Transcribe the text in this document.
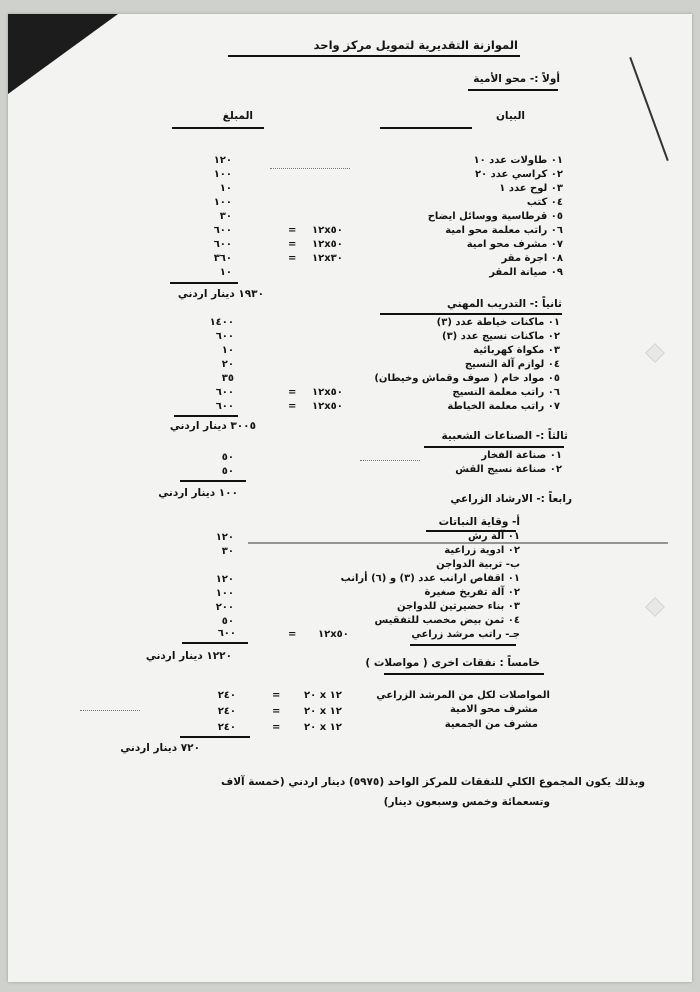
الموازنة التقديرية لتمويل مركز واحد
أولاً :- محو الأمية
البيان
المبلغ
٠١ طاولات عدد ١٠
١٢٠
٠٢ كراسي عدد ٢٠
١٠٠
٠٣ لوح عدد ١
١٠
٠٤ كتب
١٠٠
٠٥ قرطاسية ووسائل ايضاح
٣٠
٠٦ راتب معلمة محو امية
١٢x٥٠
=
٦٠٠
٠٧ مشرف محو امية
١٢x٥٠
=
٦٠٠
٠٨ اجرة مقر
١٢x٣٠
=
٣٦٠
٠٩ صيانة المقر
١٠
١٩٣٠ دينار اردني
ثانياً :- التدريب المهني
٠١ ماكنات خياطة عدد (٣)
١٤٠٠
٠٢ ماكنات نسيج عدد (٣)
٦٠٠
٠٣ مكواة كهربائية
١٠
٠٤ لوازم آلة النسيج
٢٠
٠٥ مواد خام ( صوف وقماش وخيطان)
٣٥
٠٦ راتب معلمة النسيج
١٢x٥٠
=
٦٠٠
٠٧ راتب معلمة الخياطة
١٢x٥٠
=
٦٠٠
٣٠٠٥ دينار اردني
ثالثاً :- الصناعات الشعبية
٠١ صناعة الفخار
٥٠
٠٢ صناعة نسيج القش
٥٠
١٠٠ دينار اردني	رابعاً :- الارشاد الزراعي
أ- وقاية النباتات
٠١ آلة رش
١٢٠
٠٢ ادوية زراعية
٣٠
ب- تربية الدواجن
٠١ اقفاص ارانب عدد (٣) و (٦) أرانب
١٢٠
٠٢ آلة تفريخ صغيرة
١٠٠
٠٣ بناء حضيرتين للدواجن
٢٠٠
٠٤ ثمن بيض مخصب للتفقيس
٥٠
جـ- راتب مرشد زراعي
١٢x٥٠
=
٦٠٠
١٢٢٠ دينار اردني
خامساً : نفقات اخرى ( مواصلات )
المواصلات لكل من المرشد الزراعي
٢٠ x ١٢
=
٢٤٠
مشرف محو الامية
٢٠ x ١٢
=
٢٤٠
مشرف من الجمعية
٢٠ x ١٢
=
٢٤٠
٧٢٠ دينار اردني
وبذلك يكون المجموع الكلي للنفقات للمركز الواحد (٥٩٧٥) دينار اردني (خمسة آلاف
وتسعمائة وخمس وسبعون دينار)
